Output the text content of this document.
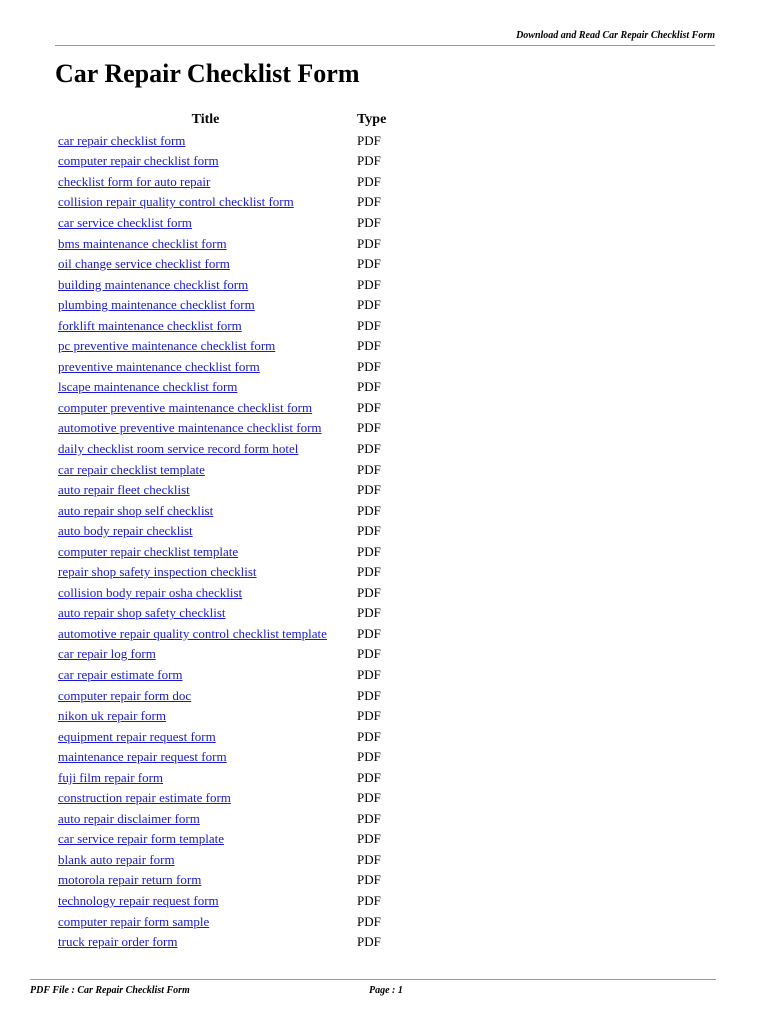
Download and Read Car Repair Checklist Form
Car Repair Checklist Form
Title	Type
car repair checklist form	PDF
computer repair checklist form	PDF
checklist form for auto repair	PDF
collision repair quality control checklist form	PDF
car service checklist form	PDF
bms maintenance checklist form	PDF
oil change service checklist form	PDF
building maintenance checklist form	PDF
plumbing maintenance checklist form	PDF
forklift maintenance checklist form	PDF
pc preventive maintenance checklist form	PDF
preventive maintenance checklist form	PDF
lscape maintenance checklist form	PDF
computer preventive maintenance checklist form	PDF
automotive preventive maintenance checklist form	PDF
daily checklist room service record form hotel	PDF
car repair checklist template	PDF
auto repair fleet checklist	PDF
auto repair shop self checklist	PDF
auto body repair checklist	PDF
computer repair checklist template	PDF
repair shop safety inspection checklist	PDF
collision body repair osha checklist	PDF
auto repair shop safety checklist	PDF
automotive repair quality control checklist template	PDF
car repair log form	PDF
car repair estimate form	PDF
computer repair form doc	PDF
nikon uk repair form	PDF
equipment repair request form	PDF
maintenance repair request form	PDF
fuji film repair form	PDF
construction repair estimate form	PDF
auto repair disclaimer form	PDF
car service repair form template	PDF
blank auto repair form	PDF
motorola repair return form	PDF
technology repair request form	PDF
computer repair form sample	PDF
truck repair order form	PDF
PDF File : Car Repair Checklist Form	Page : 1
